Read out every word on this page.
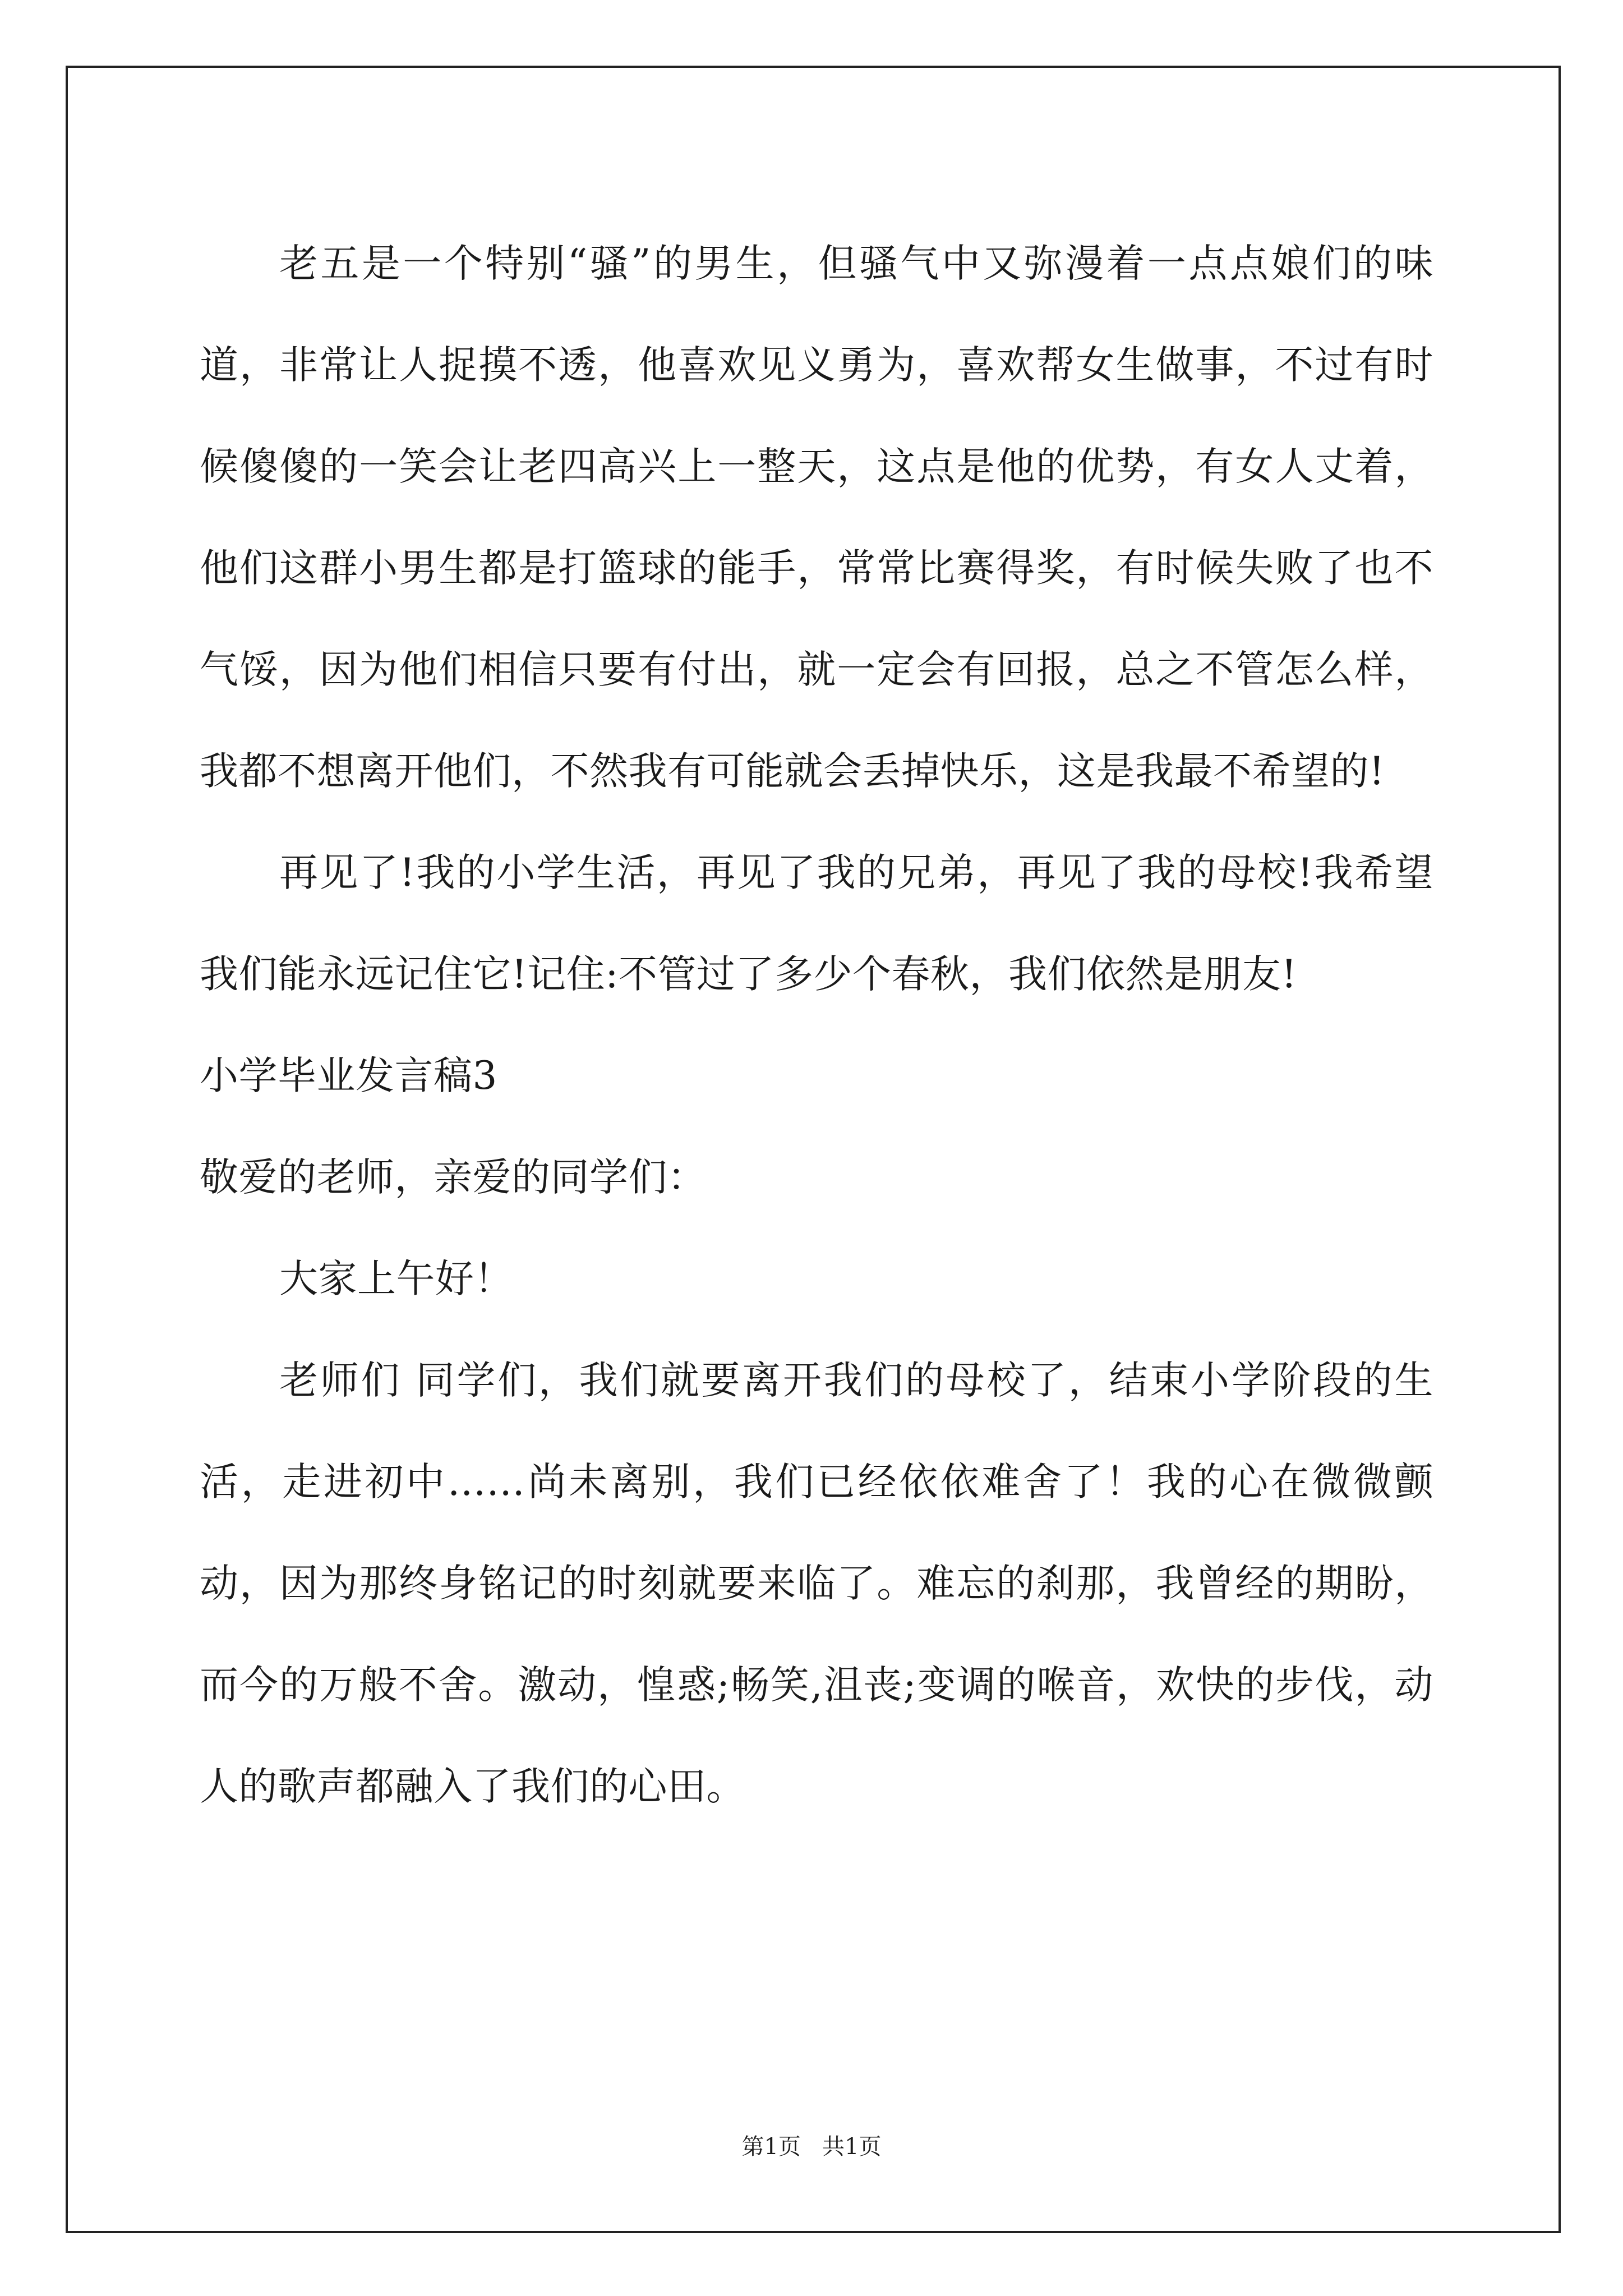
老五是一个特别“骚”的男生，但骚气中又弥漫着一点点娘们的味道，非常让人捉摸不透，他喜欢见义勇为，喜欢帮女生做事，不过有时候傻傻的一笑会让老四高兴上一整天，这点是他的优势，有女人丈着，他们这群小男生都是打篮球的能手，常常比赛得奖，有时候失败了也不气馁，因为他们相信只要有付出，就一定会有回报，总之不管怎么样，我都不想离开他们，不然我有可能就会丢掉快乐，这是我最不希望的!

再见了!我的小学生活，再见了我的兄弟，再见了我的母校!我希望我们能永远记住它!记住:不管过了多少个春秋，我们依然是朋友!

小学毕业发言稿3

敬爱的老师，亲爱的同学们：

大家上午好！

老师们 同学们，我们就要离开我们的母校了，结束小学阶段的生活，走进初中……尚未离别，我们已经依依难舍了！我的心在微微颤动，因为那终身铭记的时刻就要来临了。难忘的刹那，我曾经的期盼，而今的万般不舍。激动，惶惑;畅笑,沮丧;变调的喉音，欢快的步伐，动人的歌声都融入了我们的心田。

第1页   共1页
